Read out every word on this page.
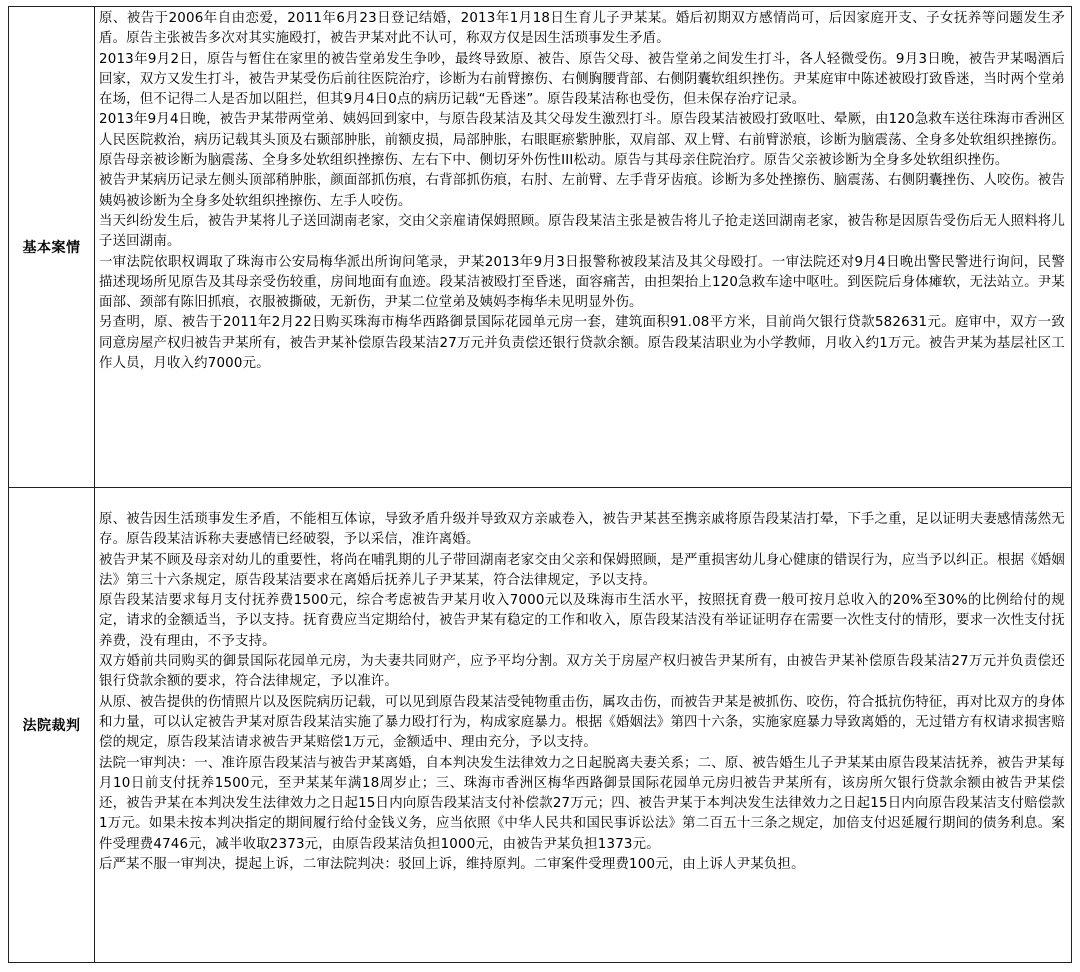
基本案情

原、被告于2006年自由恋爱，2011年6月23日登记结婚，2013年1月18日生育儿子尹某某。婚后初期双方感情尚可，后因家庭开支、子女抚养等问题发生矛盾。原告主张被告多次对其实施殴打，被告尹某对此不认可，称双方仅是因生活琐事发生矛盾。

2013年9月2日，原告与暂住在家里的被告堂弟发生争吵，最终导致原、被告、原告父母、被告堂弟之间发生打斗，各人轻微受伤。9月3日晚，被告尹某喝酒后回家，双方又发生打斗，被告尹某受伤后前往医院治疗，诊断为右前臂擦伤、右侧胸腰背部、右侧阴囊软组织挫伤。尹某庭审中陈述被殴打致昏迷，当时两个堂弟在场，但不记得二人是否加以阻拦，但其9月4日0点的病历记载“无昏迷”。原告段某洁称也受伤，但未保存治疗记录。

2013年9月4日晚，被告尹某带两堂弟、姨妈回到家中，与原告段某洁及其父母发生激烈打斗。原告段某洁被殴打致呕吐、晕厥，由120急救车送往珠海市香洲区人民医院救治，病历记载其头顶及右颞部肿胀，前额皮损，局部肿胀，右眼眶瘀紫肿胀，双肩部、双上臂、右前臂淤痕，诊断为脑震荡、全身多处软组织挫擦伤。原告母亲被诊断为脑震荡、全身多处软组织挫擦伤、左右下中、侧切牙外伤性III松动。原告与其母亲住院治疗。原告父亲被诊断为全身多处软组织挫伤。

被告尹某病历记录左侧头顶部稍肿胀，颜面部抓伤痕，右背部抓伤痕，右肘、左前臂、左手背牙齿痕。诊断为多处挫擦伤、脑震荡、右侧阴囊挫伤、人咬伤。被告姨妈被诊断为全身多处软组织挫擦伤、左手人咬伤。

当天纠纷发生后，被告尹某将儿子送回湖南老家，交由父亲雇请保姆照顾。原告段某洁主张是被告将儿子抢走送回湖南老家，被告称是因原告受伤后无人照料将儿子送回湖南。

一审法院依职权调取了珠海市公安局梅华派出所询问笔录，尹某2013年9月3日报警称被段某洁及其父母殴打。一审法院还对9月4日晚出警民警进行询问，民警描述现场所见原告及其母亲受伤较重，房间地面有血迹。段某洁被殴打至昏迷，面容痛苦，由担架抬上120急救车途中呕吐。到医院后身体瘫软，无法站立。尹某面部、颈部有陈旧抓痕，衣服被撕破，无新伤，尹某二位堂弟及姨妈李梅华未见明显外伤。

另查明，原、被告于2011年2月22日购买珠海市梅华西路御景国际花园单元房一套，建筑面积91.08平方米，目前尚欠银行贷款582631元。庭审中，双方一致同意房屋产权归被告尹某所有，被告尹某补偿原告段某洁27万元并负责偿还银行贷款余额。原告段某洁职业为小学教师，月收入约1万元。被告尹某为基层社区工作人员，月收入约7000元。

法院裁判

原、被告因生活琐事发生矛盾，不能相互体谅，导致矛盾升级并导致双方亲戚卷入，被告尹某甚至携亲戚将原告段某洁打晕，下手之重，足以证明夫妻感情荡然无存。原告段某洁诉称夫妻感情已经破裂，予以采信，准许离婚。

被告尹某不顾及母亲对幼儿的重要性，将尚在哺乳期的儿子带回湖南老家交由父亲和保姆照顾，是严重损害幼儿身心健康的错误行为，应当予以纠正。根据《婚姻法》第三十六条规定，原告段某洁要求在离婚后抚养儿子尹某某，符合法律规定，予以支持。

原告段某洁要求每月支付抚养费1500元，综合考虑被告尹某月收入7000元以及珠海市生活水平，按照抚育费一般可按月总收入的20%至30%的比例给付的规定，请求的金额适当，予以支持。抚育费应当定期给付，被告尹某有稳定的工作和收入，原告段某洁没有举证证明存在需要一次性支付的情形，要求一次性支付抚养费，没有理由，不予支持。

双方婚前共同购买的御景国际花园单元房，为夫妻共同财产，应予平均分割。双方关于房屋产权归被告尹某所有，由被告尹某补偿原告段某洁27万元并负责偿还银行贷款余额的要求，符合法律规定，予以准许。

从原、被告提供的伤情照片以及医院病历记载，可以见到原告段某洁受钝物重击伤，属攻击伤，而被告尹某是被抓伤、咬伤，符合抵抗伤特征，再对比双方的身体和力量，可以认定被告尹某对原告段某洁实施了暴力殴打行为，构成家庭暴力。根据《婚姻法》第四十六条，实施家庭暴力导致离婚的，无过错方有权请求损害赔偿的规定，原告段某洁请求被告尹某赔偿1万元，金额适中、理由充分，予以支持。

法院一审判决：一、准许原告段某洁与被告尹某离婚，自本判决发生法律效力之日起脱离夫妻关系；二、原、被告婚生儿子尹某某由原告段某洁抚养，被告尹某每月10日前支付抚养1500元，至尹某某年满18周岁止；三、珠海市香洲区梅华西路御景国际花园单元房归被告尹某所有，该房所欠银行贷款余额由被告尹某偿还，被告尹某在本判决发生法律效力之日起15日内向原告段某洁支付补偿款27万元；四、被告尹某于本判决发生法律效力之日起15日内向原告段某洁支付赔偿款1万元。如果未按本判决指定的期间履行给付金钱义务，应当依照《中华人民共和国民事诉讼法》第二百五十三条之规定，加倍支付迟延履行期间的债务利息。案件受理费4746元，减半收取2373元，由原告段某洁负担1000元，由被告尹某负担1373元。

后严某不服一审判决，提起上诉，二审法院判决：驳回上诉，维持原判。二审案件受理费100元，由上诉人尹某负担。
